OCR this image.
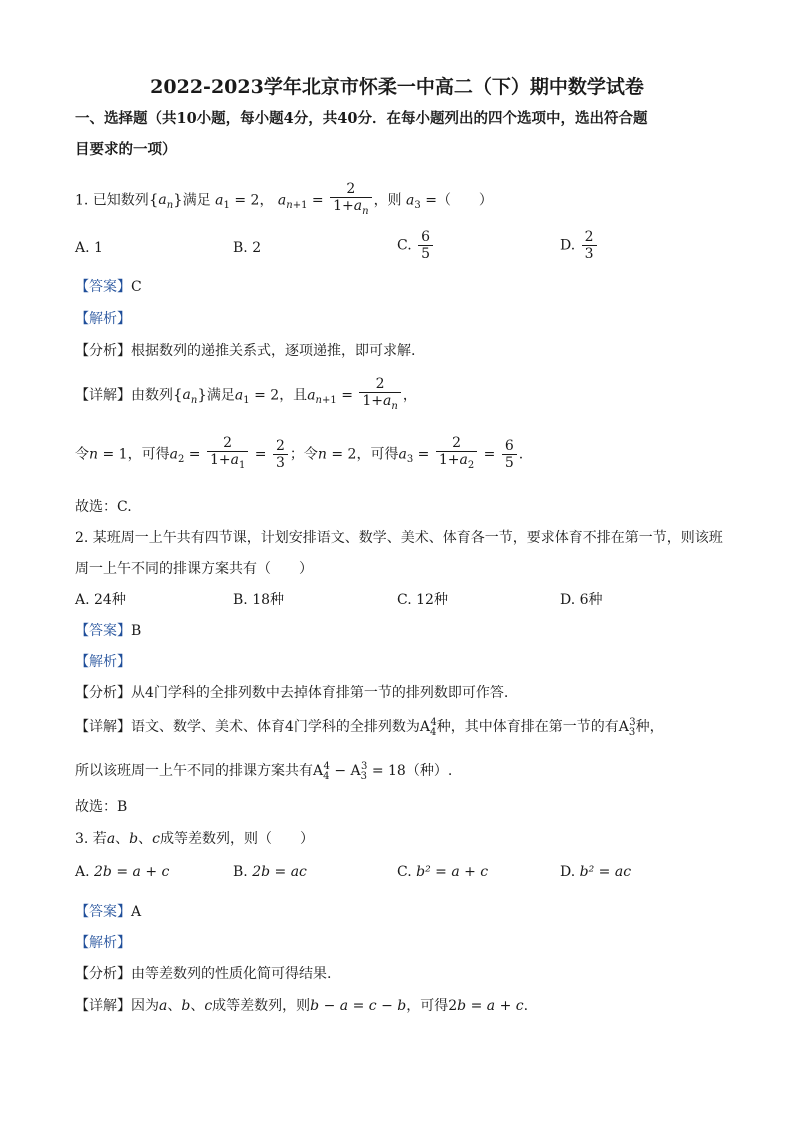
2022-2023学年北京市怀柔一中高二（下）期中数学试卷
一、选择题（共10小题，每小题4分，共40分．在每小题列出的四个选项中，选出符合题
目要求的一项）
1. 已知数列$\{a_n\}$满足 $a_1 = 2$， $a_{n+1} = \frac{2}{1+a_n}$ ，则 $a_3$ =（　　）
A. 1	B. 2	C. $\frac{6}{5}$	D. $\frac{2}{3}$
【答案】C
【解析】
【分析】根据数列的递推关系式，逐项递推，即可求解.
【详解】由数列$\{a_n\}$满足$a_1 = 2$，且$a_{n+1} = \frac{2}{1+a_n}$ ，
令n = 1，可得$a_2 = \frac{2}{1+a_1} = \frac{2}{3}$ ；令n = 2，可得$a_3 = \frac{2}{1+a_2} = \frac{6}{5}$ .
故选：C.
2. 某班周一上午共有四节课，计划安排语文、数学、美术、体育各一节，要求体育不排在第一节，则该班
周一上午不同的排课方案共有（　　）
A. 24种	B. 18种	C. 12种	D. 6种
【答案】B
【解析】
【分析】从4门学科的全排列数中去掉体育排第一节的排列数即可作答.
【详解】语文、数学、美术、体育4门学科的全排列数为$A_4^4$种，其中体育排在第一节的有$A_3^3$种，
所以该班周一上午不同的排课方案共有$A_4^4 - A_3^3 = 18$（种）.
故选：B
3. 若a、b、c成等差数列，则（　　）
A. 2b = a + c	B. 2b = ac	C. b² = a + c	D. b² = ac
【答案】A
【解析】
【分析】由等差数列的性质化简可得结果.
【详解】因为a、b、c成等差数列，则b − a = c − b，可得2b = a + c.
